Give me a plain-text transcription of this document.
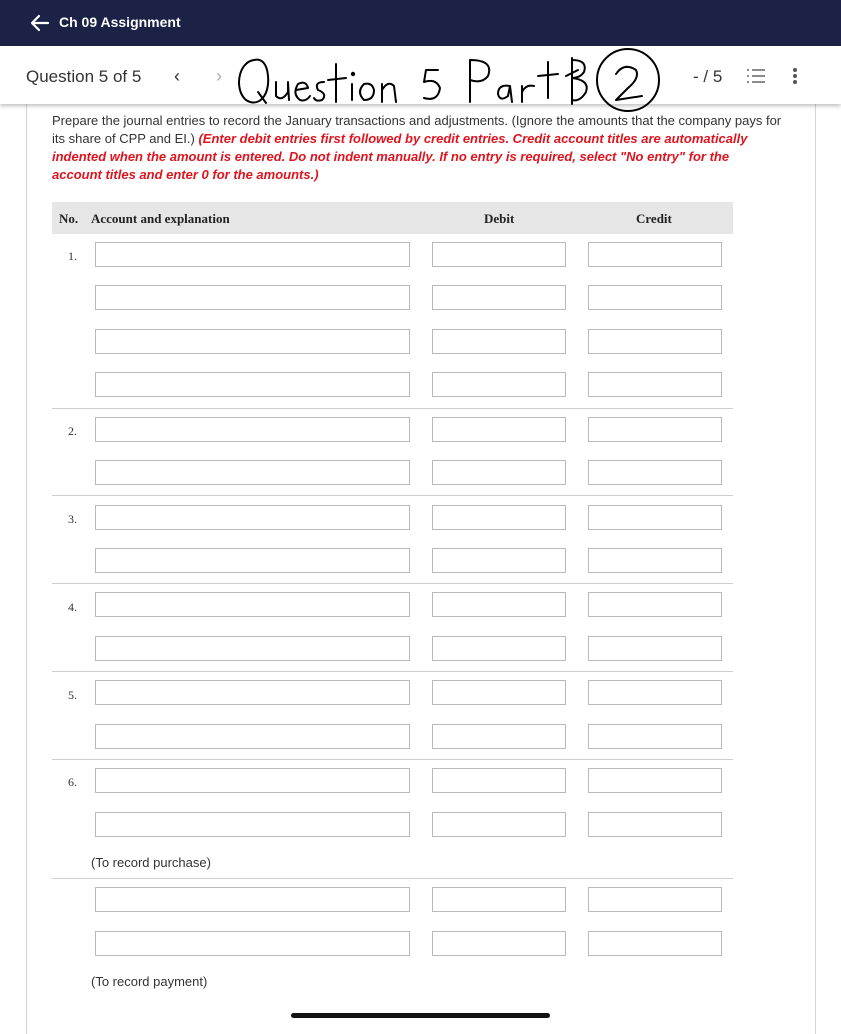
Ch 09 Assignment
Question 5 of 5 ‹ ›	- / 5
Prepare the journal entries to record the January transactions and adjustments. (Ignore the amounts that the company pays for its share of CPP and EI.) (Enter debit entries first followed by credit entries. Credit account titles are automatically indented when the amount is entered. Do not indent manually. If no entry is required, select "No entry" for the account titles and enter 0 for the amounts.)
No. Account and explanation	Debit	Credit
1.
2.
3.
4.
5.
6.
(To record purchase)
(To record payment)
